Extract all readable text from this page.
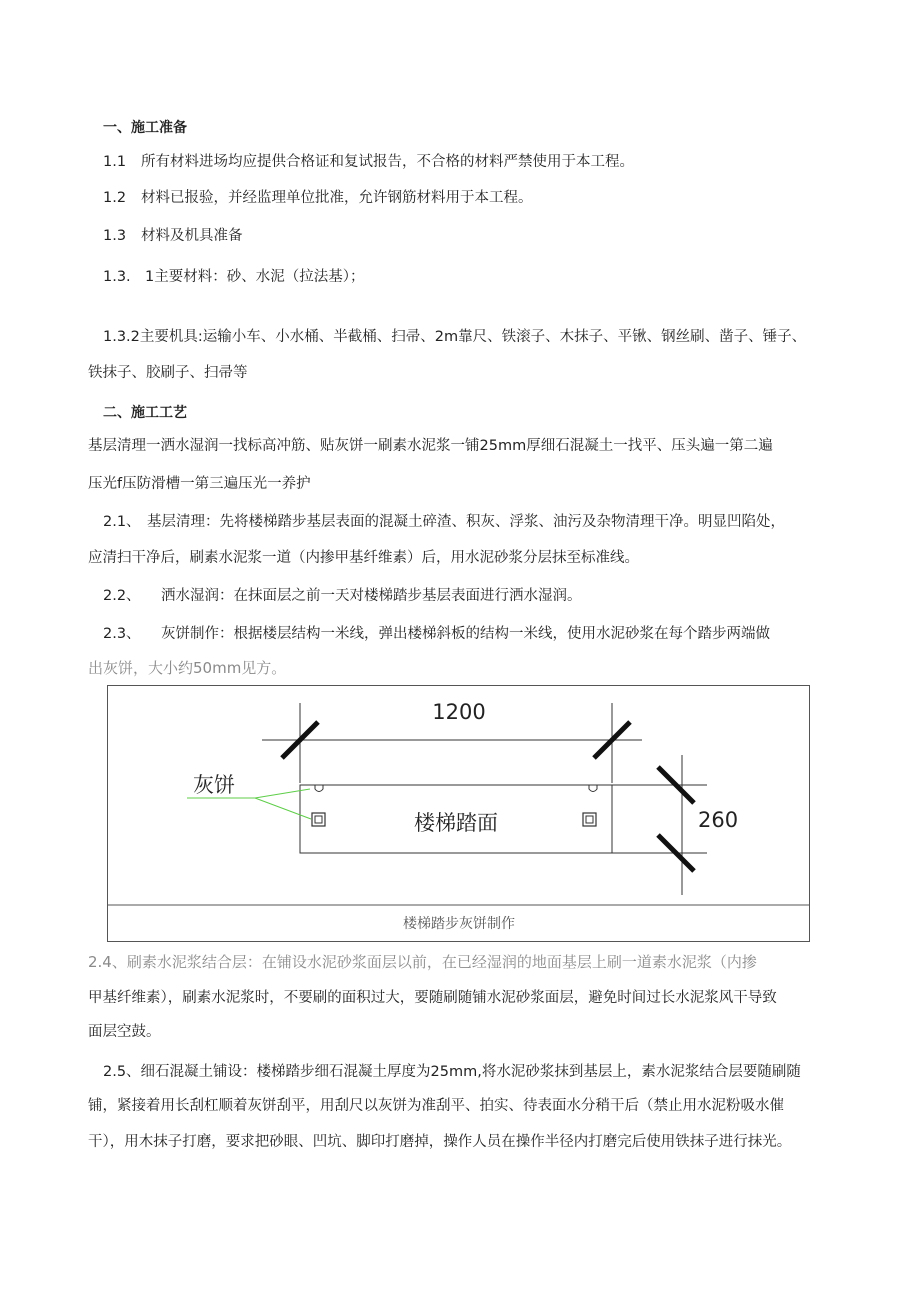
一、施工准备
1.1 所有材料进场均应提供合格证和复试报告，不合格的材料严禁使用于本工程。
1.2 材料已报验，并经监理单位批准，允许钢筋材料用于本工程。
1.3 材料及机具准备
1.3. 1主要材料：砂、水泥（拉法基）；
1.3.2主要机具:运输小车、小水桶、半截桶、扫帚、2m靠尺、铁滚子、木抹子、平锹、钢丝刷、凿子、锤子、
铁抹子、胶刷子、扫帚等
二、施工工艺
基层清理一洒水湿润一找标高冲筋、贴灰饼一刷素水泥浆一铺25mm厚细石混凝土一找平、压头遍一第二遍
压光f压防滑槽一第三遍压光一养护
2.1、 基层清理：先将楼梯踏步基层表面的混凝土碎渣、积灰、浮浆、油污及杂物清理干净。明显凹陷处，
应清扫干净后，刷素水泥浆一道（内掺甲基纤维素）后，用水泥砂浆分层抹至标准线。
2.2、 洒水湿润：在抹面层之前一天对楼梯踏步基层表面进行洒水湿润。
2.3、 灰饼制作：根据楼层结构一米线，弹出楼梯斜板的结构一米线，使用水泥砂浆在每个踏步两端做
出灰饼，大小约50mm见方。
楼梯踏步灰饼制作
1200
260
楼梯踏面
灰饼
2.4、刷素水泥浆结合层：在铺设水泥砂浆面层以前，在已经湿润的地面基层上刷一道素水泥浆（内掺
甲基纤维素），刷素水泥浆时，不要刷的面积过大，要随刷随铺水泥砂浆面层，避免时间过长水泥浆风干导致
面层空鼓。
2.5、细石混凝土铺设：楼梯踏步细石混凝土厚度为25mm,将水泥砂浆抹到基层上，素水泥浆结合层要随刷随
铺，紧接着用长刮杠顺着灰饼刮平，用刮尺以灰饼为准刮平、拍实、待表面水分稍干后（禁止用水泥粉吸水催
干），用木抹子打磨，要求把砂眼、凹坑、脚印打磨掉，操作人员在操作半径内打磨完后使用铁抹子进行抹光。
